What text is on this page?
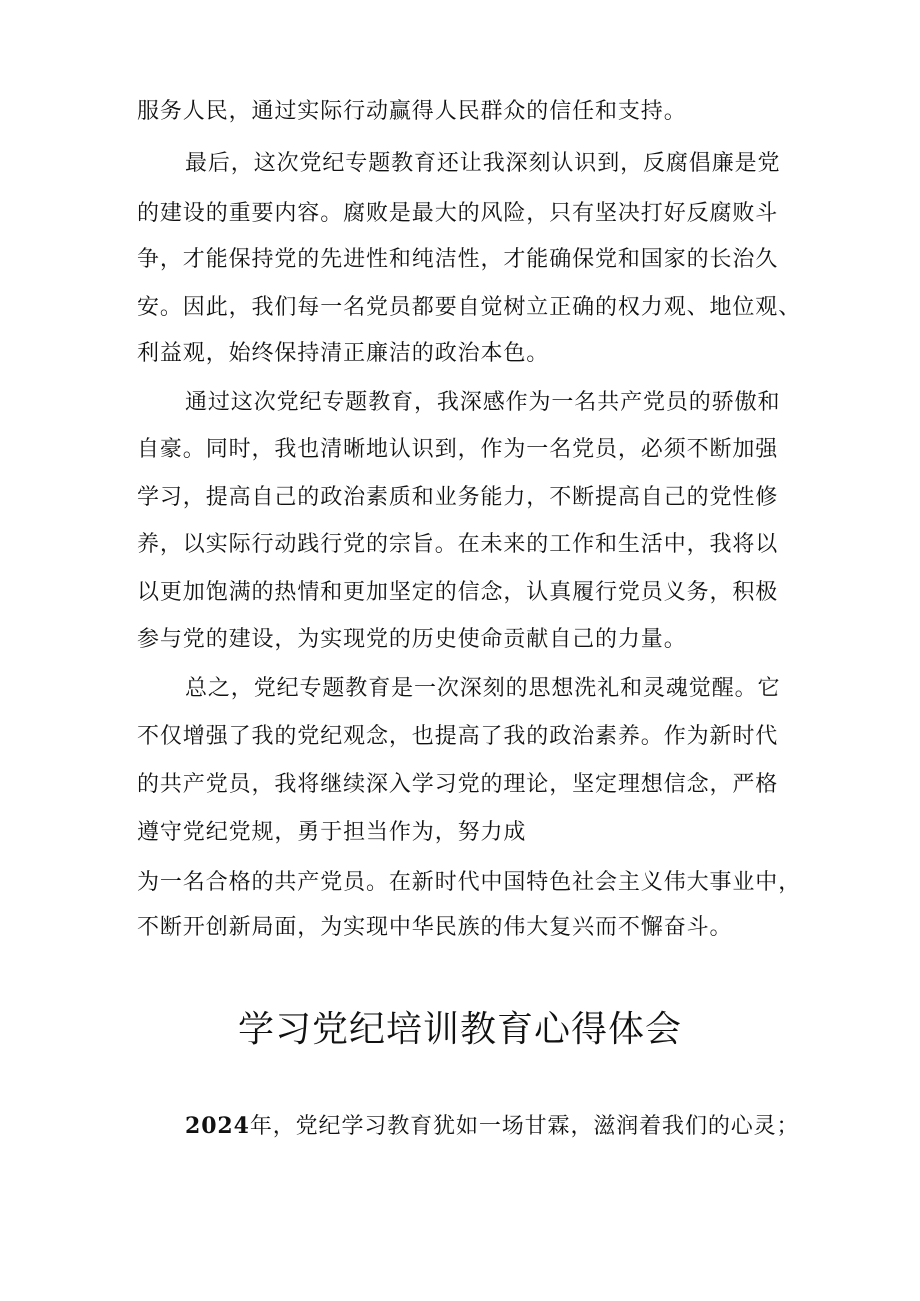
服务人民，通过实际行动赢得人民群众的信任和支持。

最后，这次党纪专题教育还让我深刻认识到，反腐倡廉是党

的建设的重要内容。腐败是最大的风险，只有坚决打好反腐败斗

争，才能保持党的先进性和纯洁性，才能确保党和国家的长治久

安。因此，我们每一名党员都要自觉树立正确的权力观、地位观、

利益观，始终保持清正廉洁的政治本色。

通过这次党纪专题教育，我深感作为一名共产党员的骄傲和

自豪。同时，我也清晰地认识到，作为一名党员，必须不断加强

学习，提高自己的政治素质和业务能力，不断提高自己的党性修

养，以实际行动践行党的宗旨。在未来的工作和生活中，我将以

以更加饱满的热情和更加坚定的信念，认真履行党员义务，积极

参与党的建设，为实现党的历史使命贡献自己的力量。

总之，党纪专题教育是一次深刻的思想洗礼和灵魂觉醒。它

不仅增强了我的党纪观念，也提高了我的政治素养。作为新时代

的共产党员，我将继续深入学习党的理论，坚定理想信念，严格

遵守党纪党规，勇于担当作为，努力成

为一名合格的共产党员。在新时代中国特色社会主义伟大事业中，

不断开创新局面，为实现中华民族的伟大复兴而不懈奋斗。

学习党纪培训教育心得体会

2024年，党纪学习教育犹如一场甘霖，滋润着我们的心灵；
